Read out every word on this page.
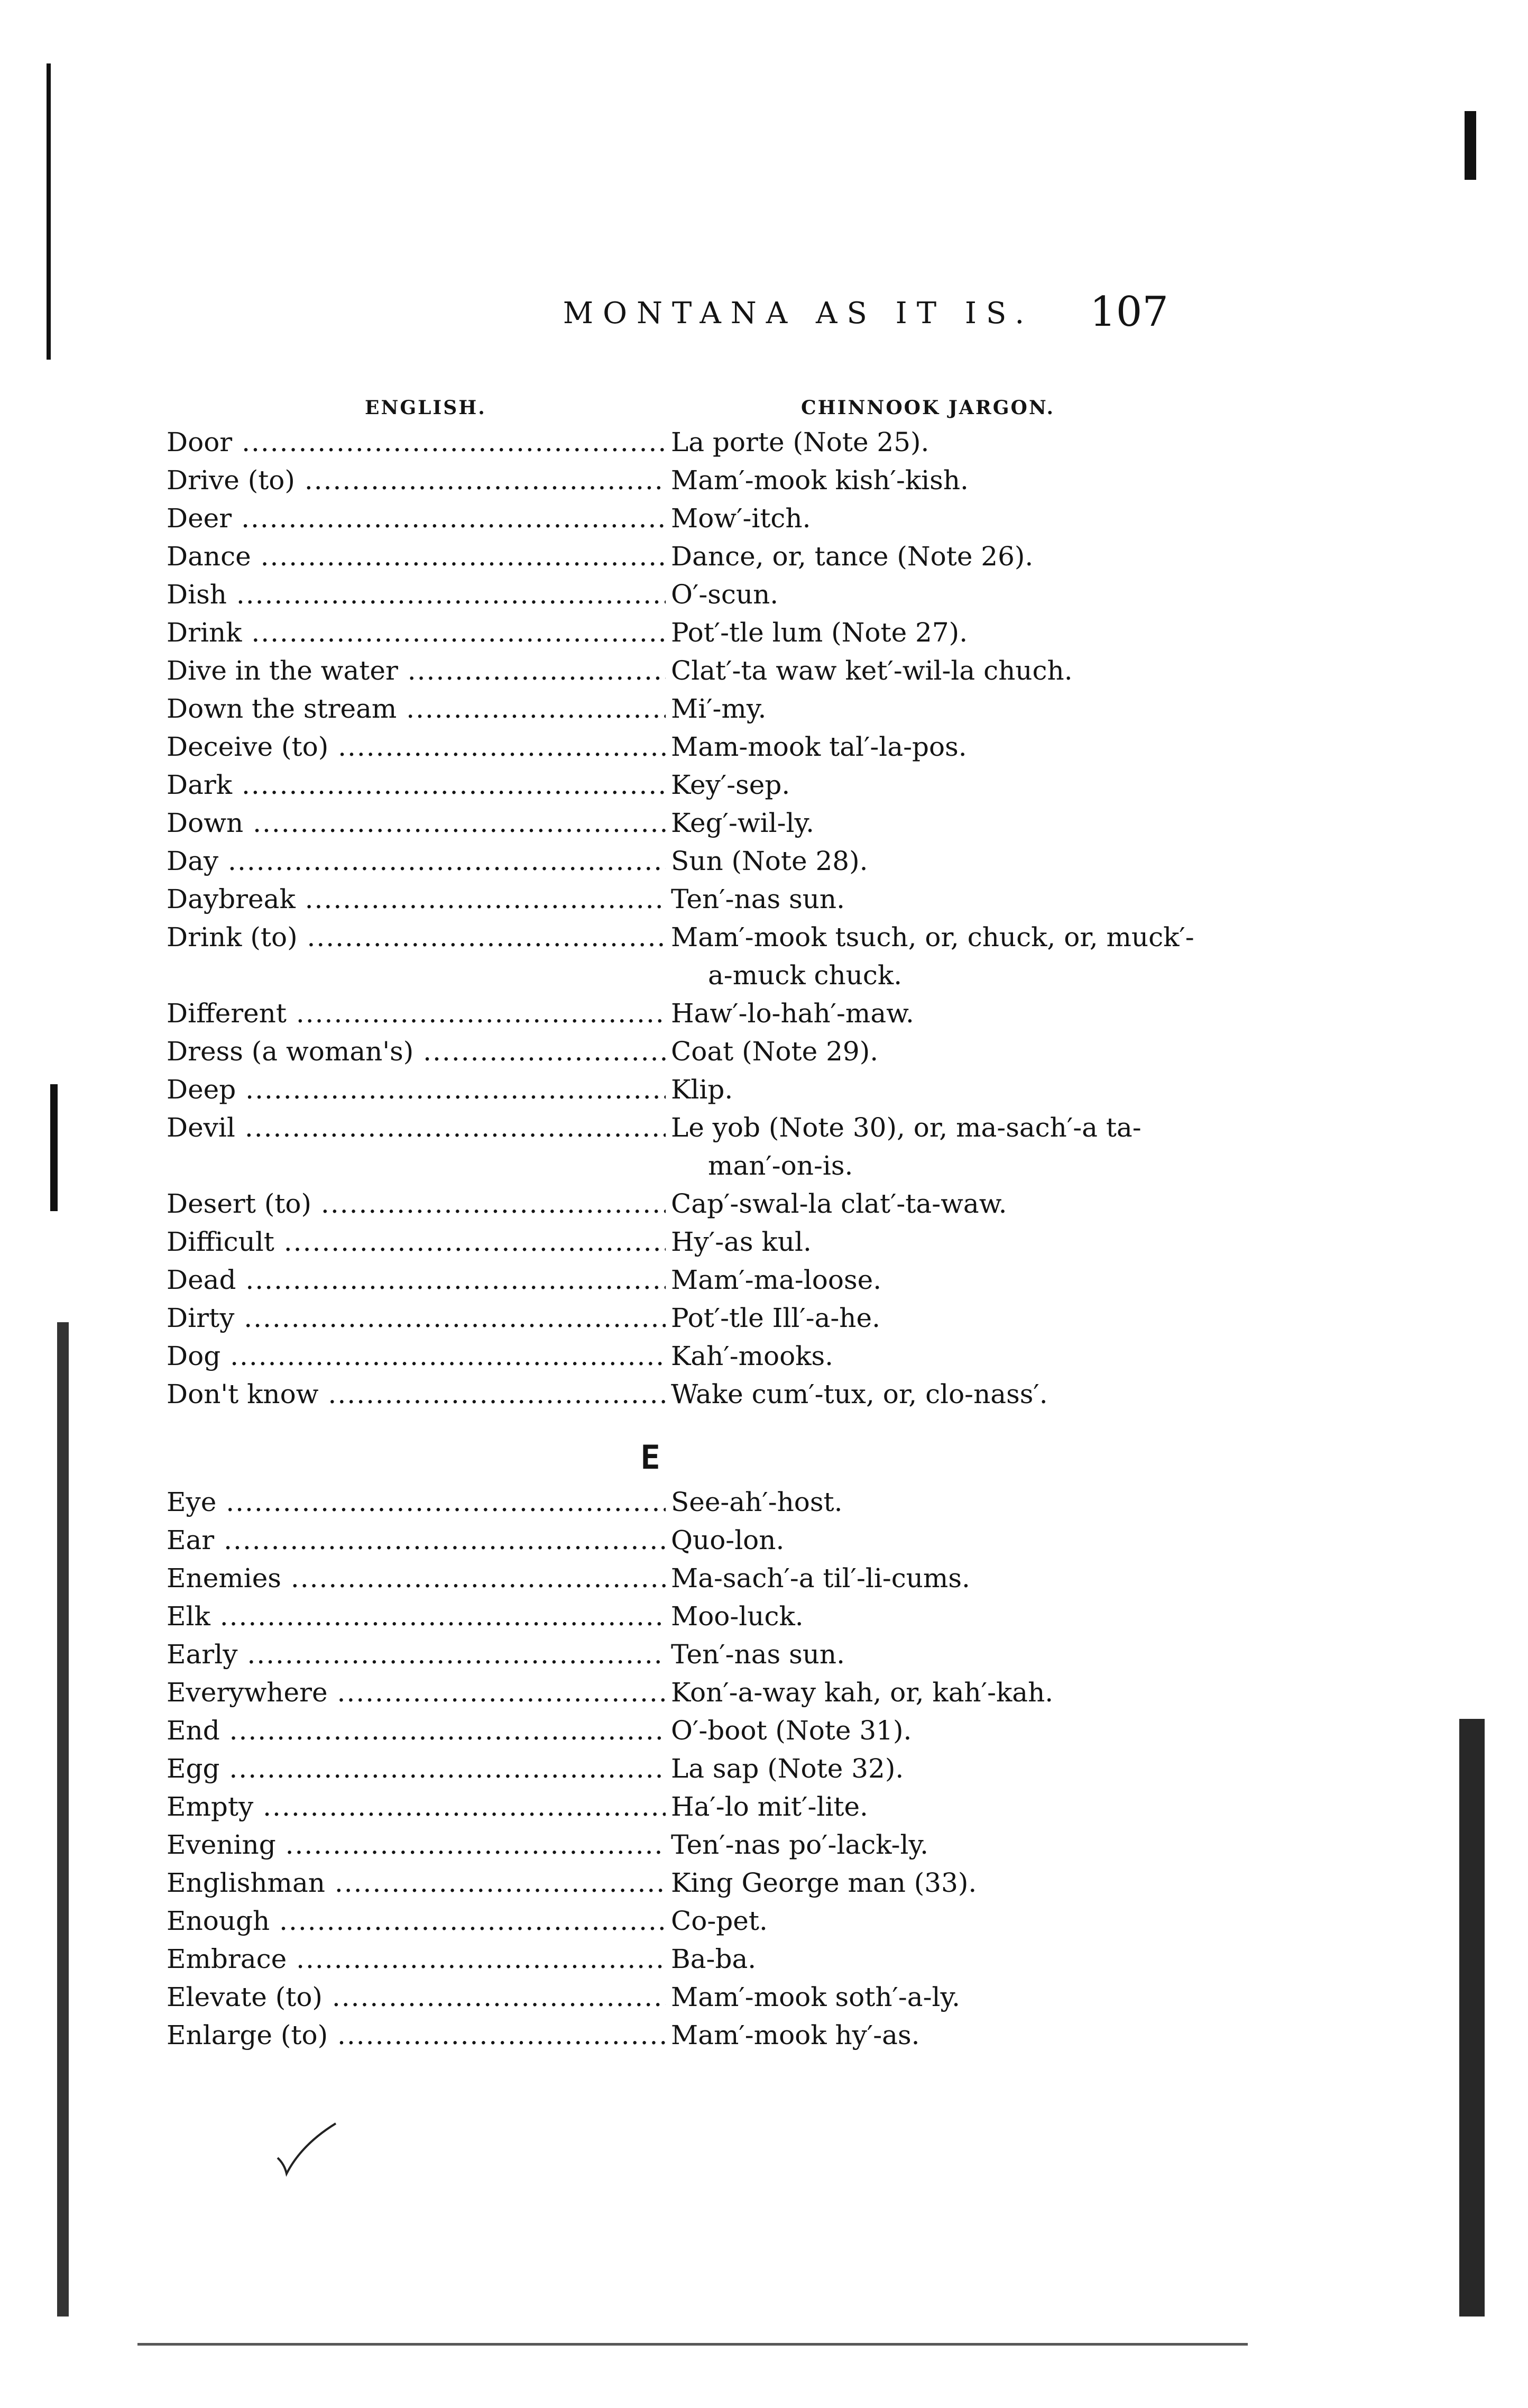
MONTANA AS IT IS.	107
ENGLISH.	CHINNOOK JARGON.
Door .....	La porte (Note 25).
Drive (to) .....	Mam′-mook kish′-kish.
Deer .....	Mow′-itch.
Dance .....	Dance, or, tance (Note 26).
Dish .....	O′-scun.
Drink .....	Pot′-tle lum (Note 27).
Dive in the water .....	Clat′-ta waw ket′-wil-la chuch.
Down the stream .....	Mi′-my.
Deceive (to) .....	Mam-mook tal′-la-pos.
Dark .....	Key′-sep.
Down .....	Keg′-wil-ly.
Day .....	Sun (Note 28).
Daybreak .....	Ten′-nas sun.
Drink (to) .....	Mam′-mook tsuch, or, chuck, or, muck′-
a-muck chuck.
Different .....	Haw′-lo-hah′-maw.
Dress (a woman's) .....	Coat (Note 29).
Deep .....	Klip.
Devil .....	Le yob (Note 30), or, ma-sach′-a ta-
man′-on-is.
Desert (to) .....	Cap′-swal-la clat′-ta-waw.
Difficult .....	Hy′-as kul.
Dead .....	Mam′-ma-loose.
Dirty .....	Pot′-tle Ill′-a-he.
Dog .....	Kah′-mooks.
Don't know .....	Wake cum′-tux, or, clo-nass′.
E
Eye .....	See-ah′-host.
Ear .....	Quo-lon.
Enemies .....	Ma-sach′-a til′-li-cums.
Elk .....	Moo-luck.
Early .....	Ten′-nas sun.
Everywhere .....	Kon′-a-way kah, or, kah′-kah.
End .....	O′-boot (Note 31).
Egg .....	La sap (Note 32).
Empty .....	Ha′-lo mit′-lite.
Evening .....	Ten′-nas po′-lack-ly.
Englishman .....	King George man (33).
Enough .....	Co-pet.
Embrace .....	Ba-ba.
Elevate (to) .....	Mam′-mook soth′-a-ly.
Enlarge (to) .....	Mam′-mook hy′-as.
